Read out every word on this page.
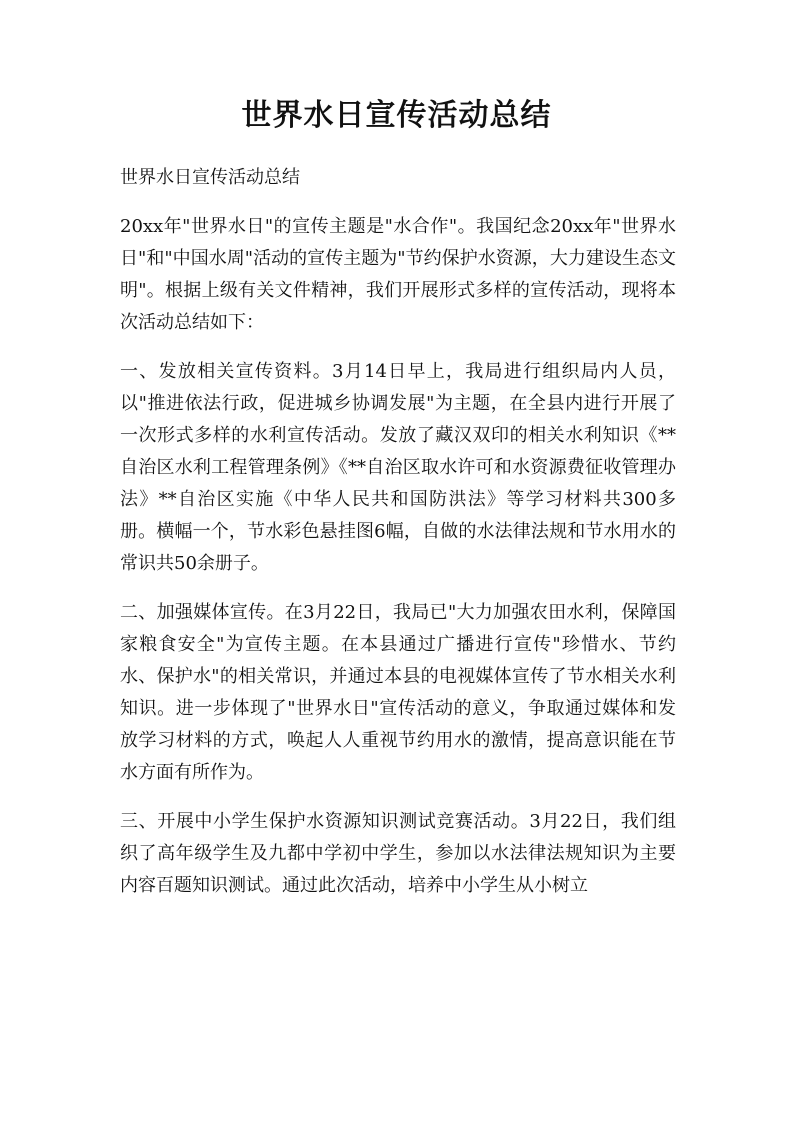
世界水日宣传活动总结

世界水日宣传活动总结

20xx年"世界水日"的宣传主题是"水合作"。我国纪念20xx年"世界水日"和"中国水周"活动的宣传主题为"节约保护水资源，大力建设生态文明"。根据上级有关文件精神，我们开展形式多样的宣传活动，现将本次活动总结如下：

一、发放相关宣传资料。3月14日早上，我局进行组织局内人员，以"推进依法行政，促进城乡协调发展"为主题，在全县内进行开展了一次形式多样的水利宣传活动。发放了藏汉双印的相关水利知识《**自治区水利工程管理条例》《**自治区取水许可和水资源费征收管理办法》**自治区实施《中华人民共和国防洪法》等学习材料共300多册。横幅一个，节水彩色悬挂图6幅，自做的水法律法规和节水用水的常识共50余册子。

二、加强媒体宣传。在3月22日，我局已"大力加强农田水利，保障国家粮食安全"为宣传主题。在本县通过广播进行宣传"珍惜水、节约水、保护水"的相关常识，并通过本县的电视媒体宣传了节水相关水利知识。进一步体现了"世界水日"宣传活动的意义，争取通过媒体和发放学习材料的方式，唤起人人重视节约用水的激情，提高意识能在节水方面有所作为。

三、开展中小学生保护水资源知识测试竞赛活动。3月22日，我们组织了高年级学生及九都中学初中学生，参加以水法律法规知识为主要内容百题知识测试。通过此次活动，培养中小学生从小树立
